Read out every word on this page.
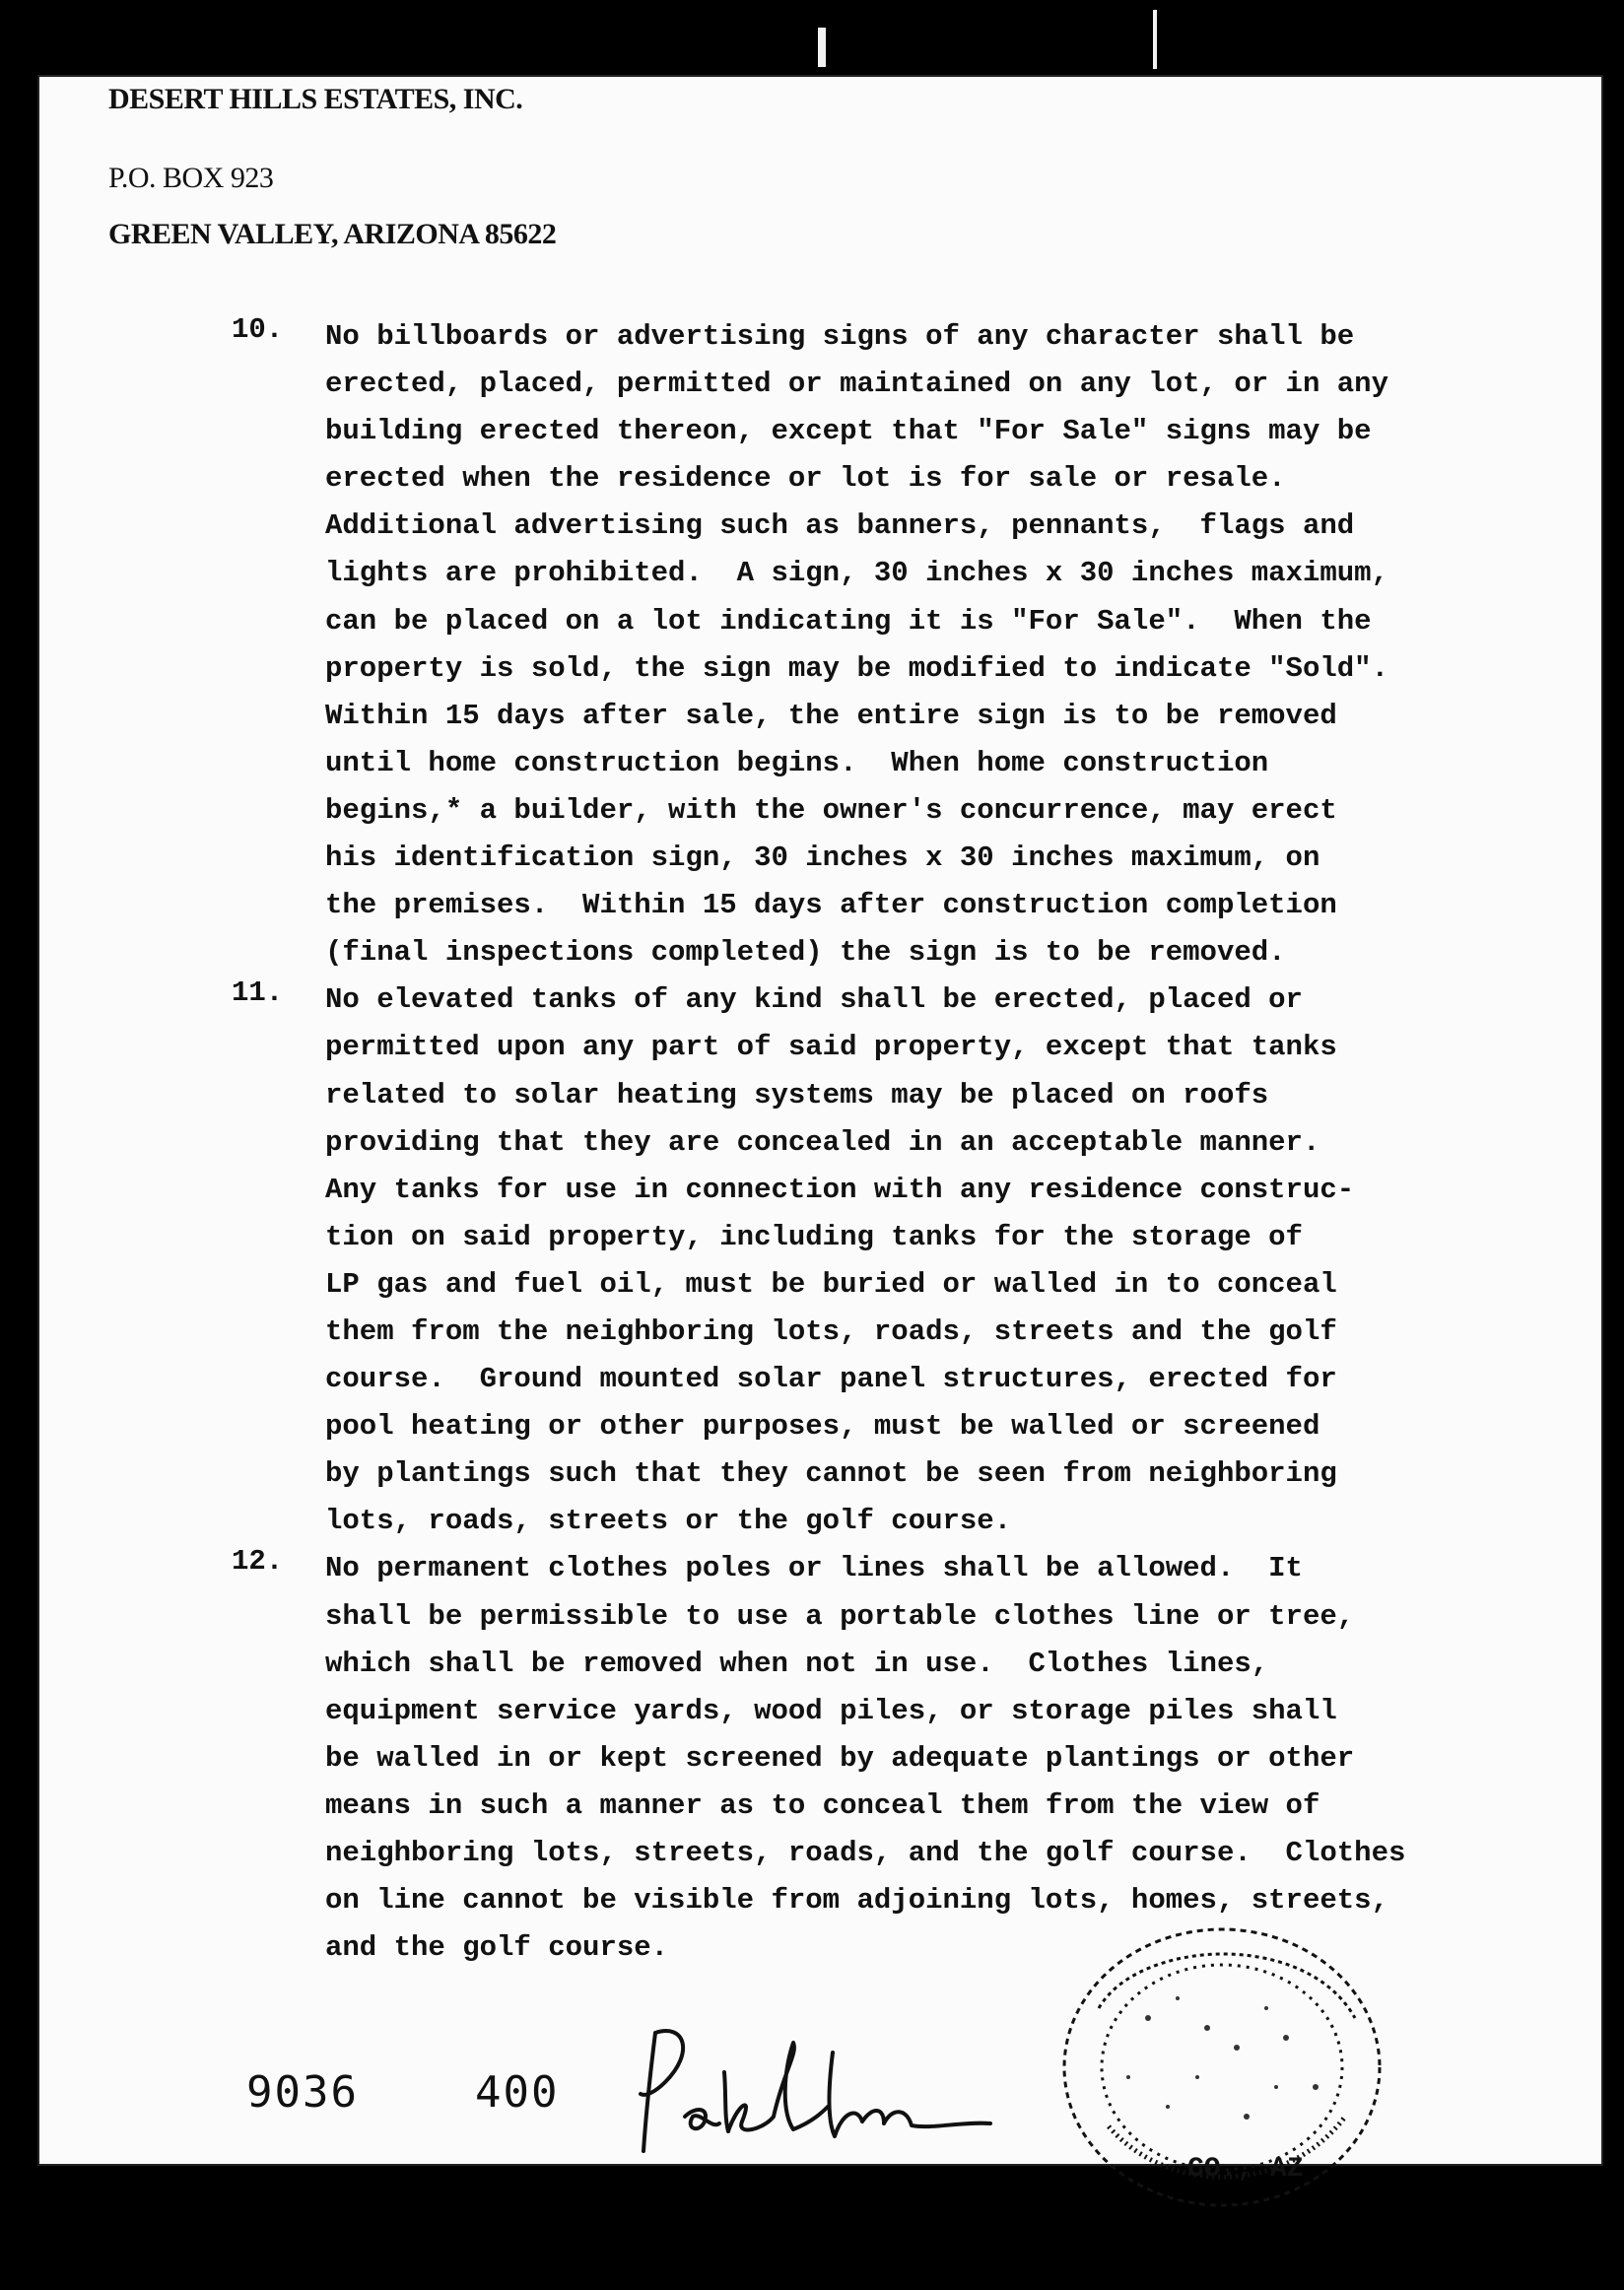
DESERT HILLS ESTATES, INC.
P.O. BOX 923
GREEN VALLEY, ARIZONA 85622
10.	No billboards or advertising signs of any character shall be
erected, placed, permitted or maintained on any lot, or in any
building erected thereon, except that "For Sale" signs may be
erected when the residence or lot is for sale or resale.
Additional advertising such as banners, pennants,  flags and
lights are prohibited.  A sign, 30 inches x 30 inches maximum,
can be placed on a lot indicating it is "For Sale".  When the
property is sold, the sign may be modified to indicate "Sold".
Within 15 days after sale, the entire sign is to be removed
until home construction begins.  When home construction
begins,* a builder, with the owner's concurrence, may erect
his identification sign, 30 inches x 30 inches maximum, on
the premises.  Within 15 days after construction completion
(final inspections completed) the sign is to be removed.
11.	No elevated tanks of any kind shall be erected, placed or
permitted upon any part of said property, except that tanks
related to solar heating systems may be placed on roofs
providing that they are concealed in an acceptable manner.
Any tanks for use in connection with any residence construc-
tion on said property, including tanks for the storage of
LP gas and fuel oil, must be buried or walled in to conceal
them from the neighboring lots, roads, streets and the golf
course.  Ground mounted solar panel structures, erected for
pool heating or other purposes, must be walled or screened
by plantings such that they cannot be seen from neighboring
lots, roads, streets or the golf course.
12.	No permanent clothes poles or lines shall be allowed.  It
shall be permissible to use a portable clothes line or tree,
which shall be removed when not in use.  Clothes lines,
equipment service yards, wood piles, or storage piles shall
be walled in or kept screened by adequate plantings or other
means in such a manner as to conceal them from the view of
neighboring lots, streets, roads, and the golf course.  Clothes
on line cannot be visible from adjoining lots, homes, streets,
and the golf course.
9036	400
CO., AZ
